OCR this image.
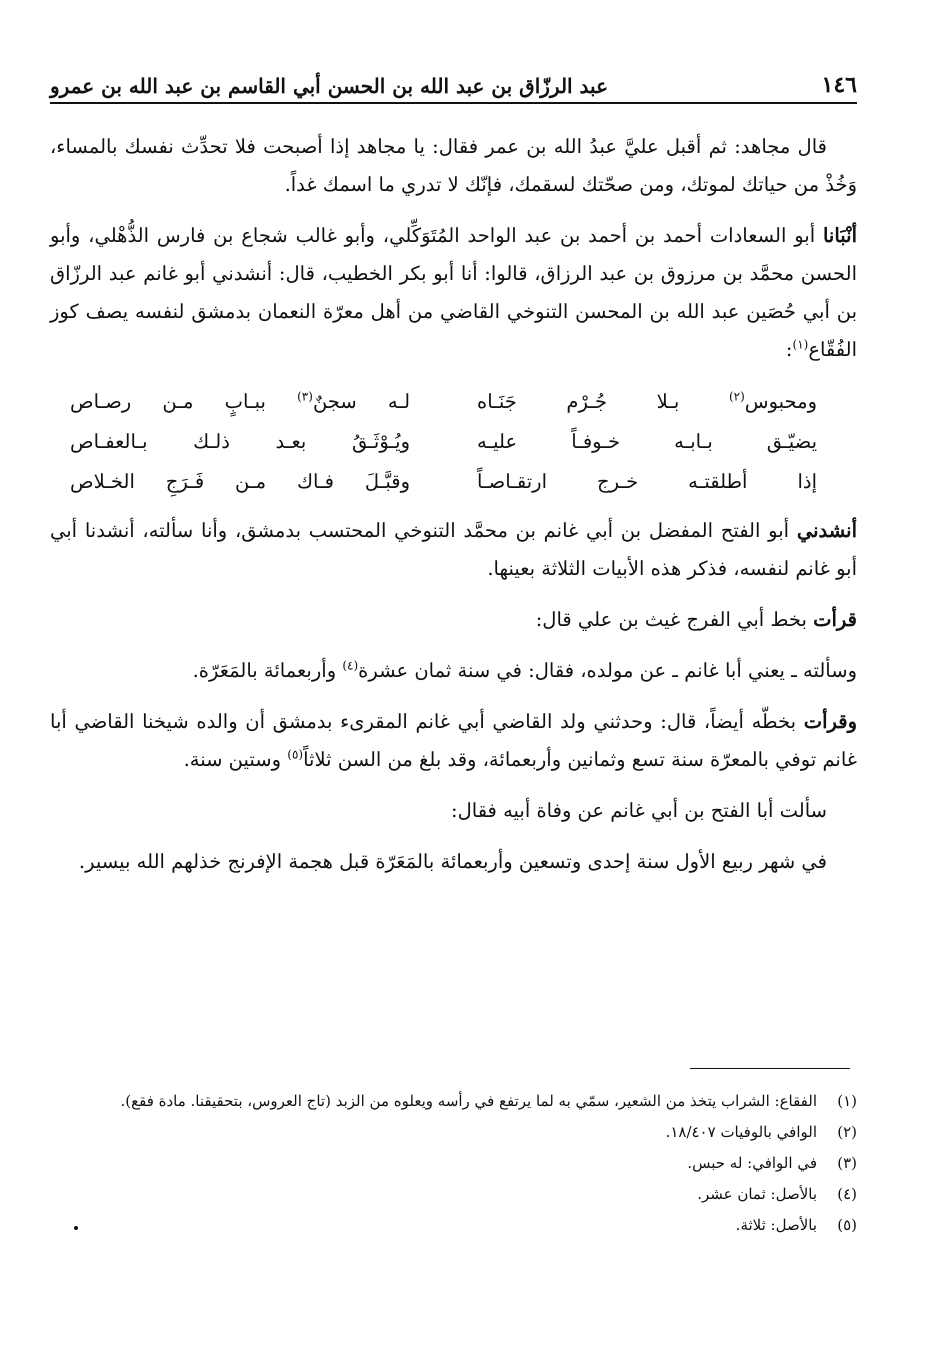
١٤٦
عبد الرزّاق بن عبد الله بن الحسن أبي القاسم بن عبد الله بن عمرو

قال مجاهد: ثم أقبل عليَّ عبدُ الله بن عمر فقال: يا مجاهد إذا أصبحت فلا تحدِّث نفسك بالمساء، وَخُذْ من حياتك لموتك، ومن صحّتك لسقمك، فإنّك لا تدري ما اسمك غداً.

أنْبَانا أبو السعادات أحمد بن أحمد بن عبد الواحد المُتَوَكِّلي، وأبو غالب شجاع بن فارس الذُّهْلي، وأبو الحسن محمَّد بن مرزوق بن عبد الرزاق، قالوا: أنا أبو بكر الخطيب، قال: أنشدني أبو غانم عبد الرزّاق بن أبي حُصَين عبد الله بن المحسن التنوخي القاضي من أهل معرّة النعمان بدمشق لنفسه يصف كوز الفُقّاع$^{(١)}$:

ومحبوس$^{(٢)}$ بـلا جُـرْم جَنَـاه
لـه سجنٌ$^{(٣)}$ ببـابٍ مـن رصـاص
يضيّـق بـابـه خـوفـاً عليـه
ويُـوْثَـقُ بعـد ذلـك بـالعفـاص
إذا أطلقتـه خـرج ارتقـاصـاً
وقبَّـلَ فـاك مـن فَـرَجِ الخـلاص

أنشدني أبو الفتح المفضل بن أبي غانم بن محمَّد التنوخي المحتسب بدمشق، وأنا سألته، أنشدنا أبي أبو غانم لنفسه، فذكر هذه الأبيات الثلاثة بعينها.

قرأت بخط أبي الفرج غيث بن علي قال:

وسألته ـ يعني أبا غانم ـ عن مولده، فقال: في سنة ثمان عشرة$^{(٤)}$ وأربعمائة بالمَعَرّة.

وقرأت بخطّه أيضاً، قال: وحدثني ولد القاضي أبي غانم المقرىء بدمشق أن والده شيخنا القاضي أبا غانم توفي بالمعرّة سنة تسع وثمانين وأربعمائة، وقد بلغ من السن ثلاثاً$^{(٥)}$ وستين سنة.

سألت أبا الفتح بن أبي غانم عن وفاة أبيه فقال:

في شهر ربيع الأول سنة إحدى وتسعين وأربعمائة بالمَعَرّة قبل هجمة الإفرنج خذلهم الله بيسير.

(١)
الفقاع: الشراب يتخذ من الشعير، سمّي به لما يرتفع في رأسه ويعلوه من الزبد (تاج العروس، بتحقيقنا. مادة فقع).
(٢)
الوافي بالوفيات ١٨/٤٠٧.
(٣)
في الوافي: له حبس.
(٤)
بالأصل: ثمان عشر.
(٥)
بالأصل: ثلاثة.
